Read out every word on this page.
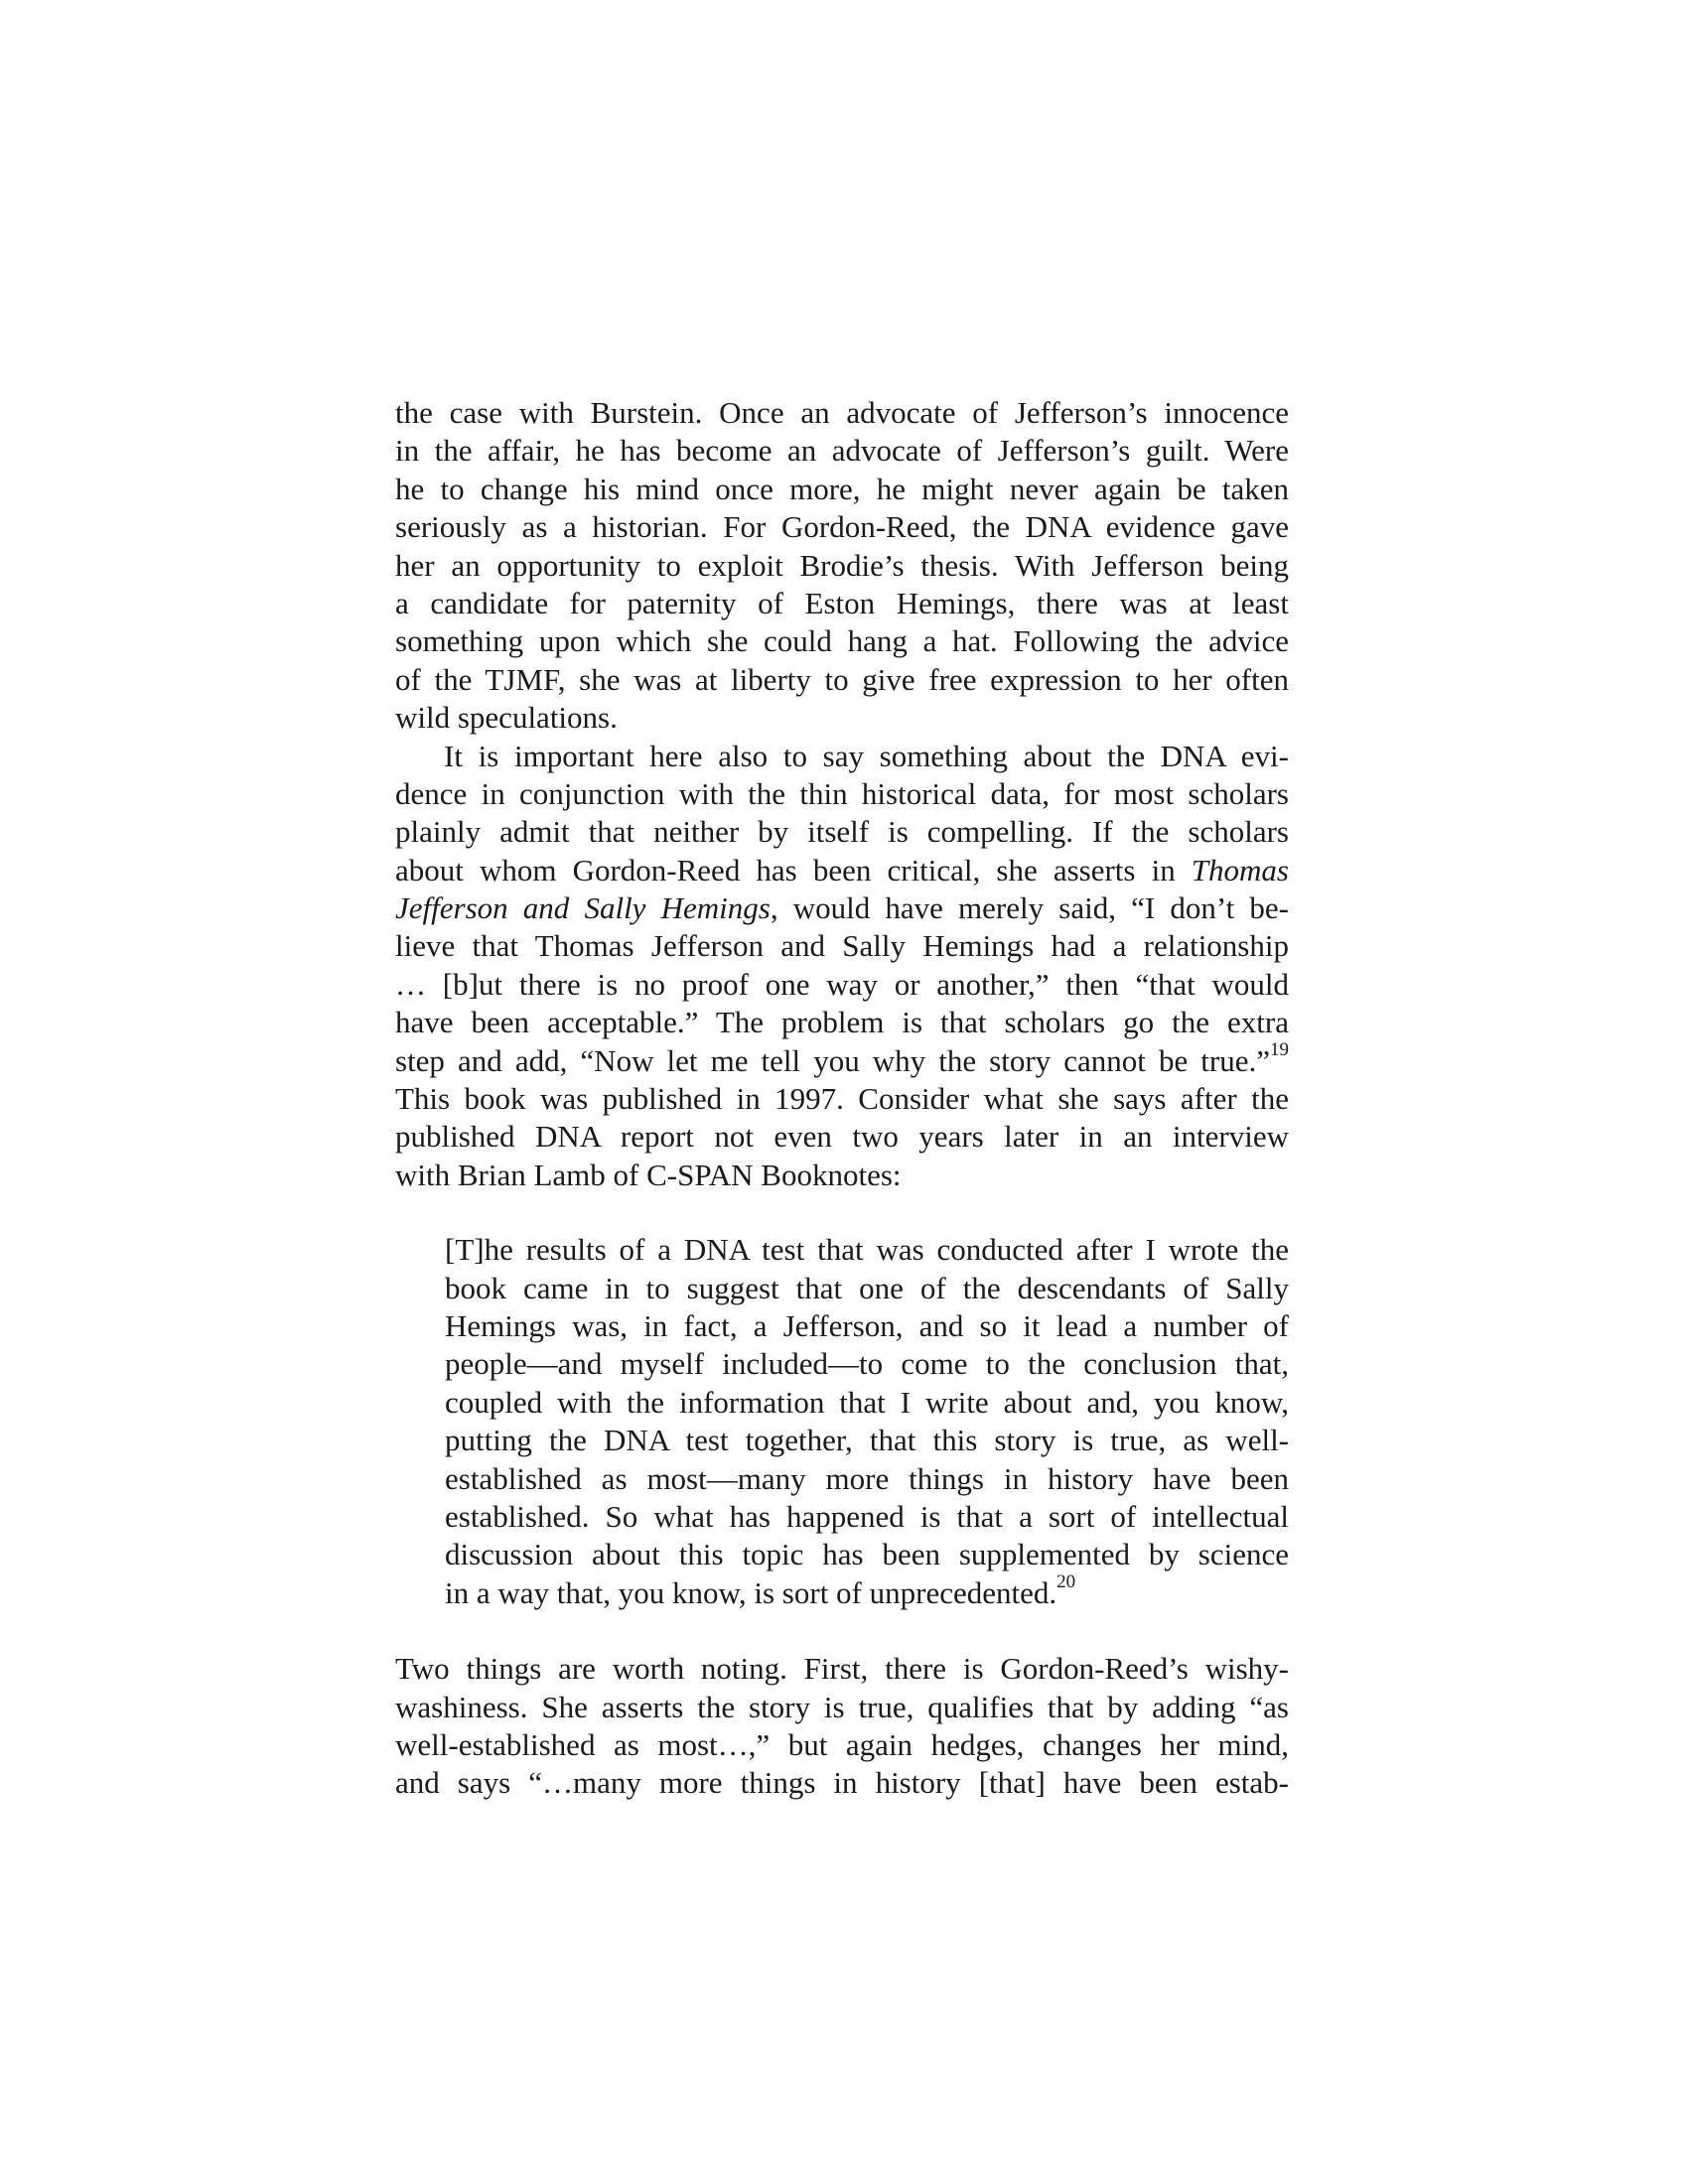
the case with Burstein. Once an advocate of Jefferson’s innocence
in the affair, he has become an advocate of Jefferson’s guilt. Were
he to change his mind once more, he might never again be taken
seriously as a historian. For Gordon-Reed, the DNA evidence gave
her an opportunity to exploit Brodie’s thesis. With Jefferson being
a candidate for paternity of Eston Hemings, there was at least
something upon which she could hang a hat. Following the advice
of the TJMF, she was at liberty to give free expression to her often
wild speculations.
It is important here also to say something about the DNA evi-
dence in conjunction with the thin historical data, for most scholars
plainly admit that neither by itself is compelling. If the scholars
about whom Gordon-Reed has been critical, she asserts in Thomas
Jefferson and Sally Hemings, would have merely said, “I don’t be-
lieve that Thomas Jefferson and Sally Hemings had a relationship
… [b]ut there is no proof one way or another,” then “that would
have been acceptable.” The problem is that scholars go the extra
step and add, “Now let me tell you why the story cannot be true.”$^{19}$
This book was published in 1997. Consider what she says after the
published DNA report not even two years later in an interview
with Brian Lamb of C-SPAN Booknotes:
[T]he results of a DNA test that was conducted after I wrote the
book came in to suggest that one of the descendants of Sally
Hemings was, in fact, a Jefferson, and so it lead a number of
people—and myself included—to come to the conclusion that,
coupled with the information that I write about and, you know,
putting the DNA test together, that this story is true, as well-
established as most—many more things in history have been
established. So what has happened is that a sort of intellectual
discussion about this topic has been supplemented by science
in a way that, you know, is sort of unprecedented.$^{20}$
Two things are worth noting. First, there is Gordon-Reed’s wishy-
washiness. She asserts the story is true, qualifies that by adding “as
well-established as most…,” but again hedges, changes her mind,
and says “…many more things in history [that] have been estab-
